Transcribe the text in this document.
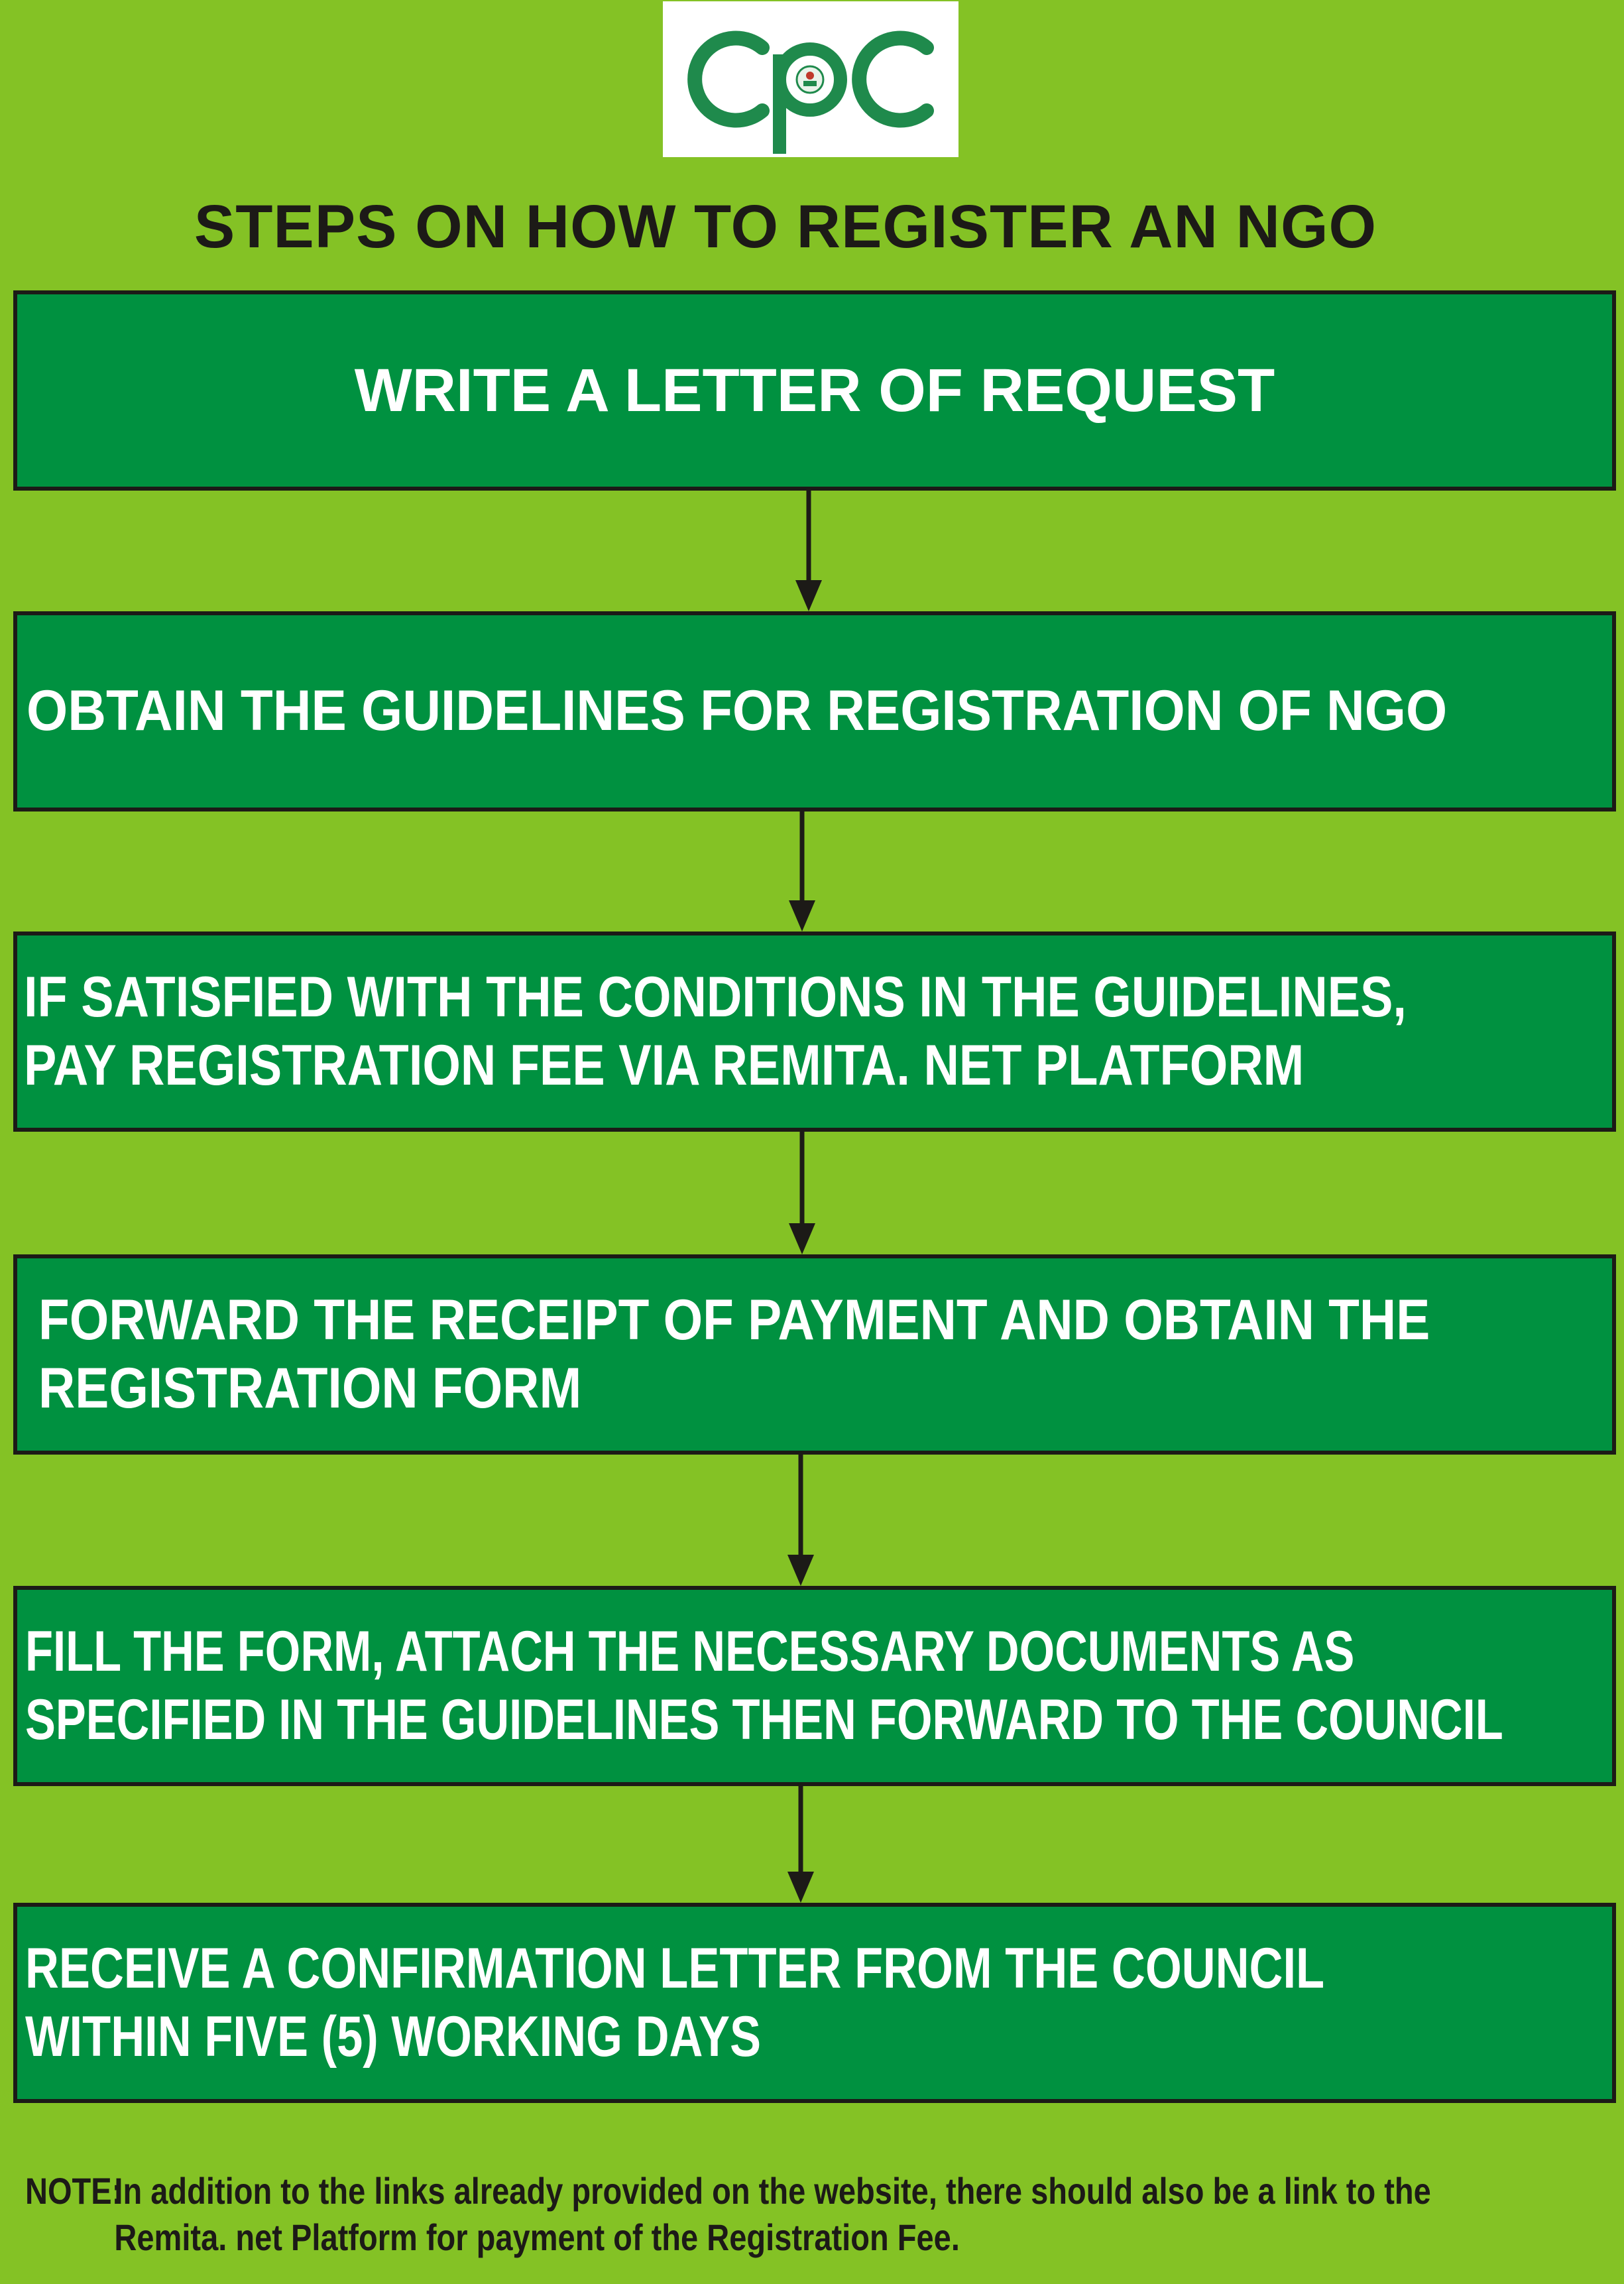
STEPS ON HOW TO REGISTER AN NGO
WRITE A LETTER OF REQUEST
OBTAIN THE GUIDELINES FOR REGISTRATION OF NGO
IF SATISFIED WITH THE CONDITIONS IN THE GUIDELINES,
PAY REGISTRATION FEE VIA REMITA. NET PLATFORM
FORWARD THE RECEIPT OF PAYMENT AND OBTAIN THE
REGISTRATION FORM
FILL THE FORM, ATTACH THE NECESSARY DOCUMENTS AS
SPECIFIED IN THE GUIDELINES THEN FORWARD TO THE COUNCIL
RECEIVE A CONFIRMATION LETTER FROM THE COUNCIL
WITHIN FIVE (5) WORKING DAYS
NOTE:
In addition to the links already provided on the website, there should also be a link to the
Remita. net Platform for payment of the Registration Fee.
